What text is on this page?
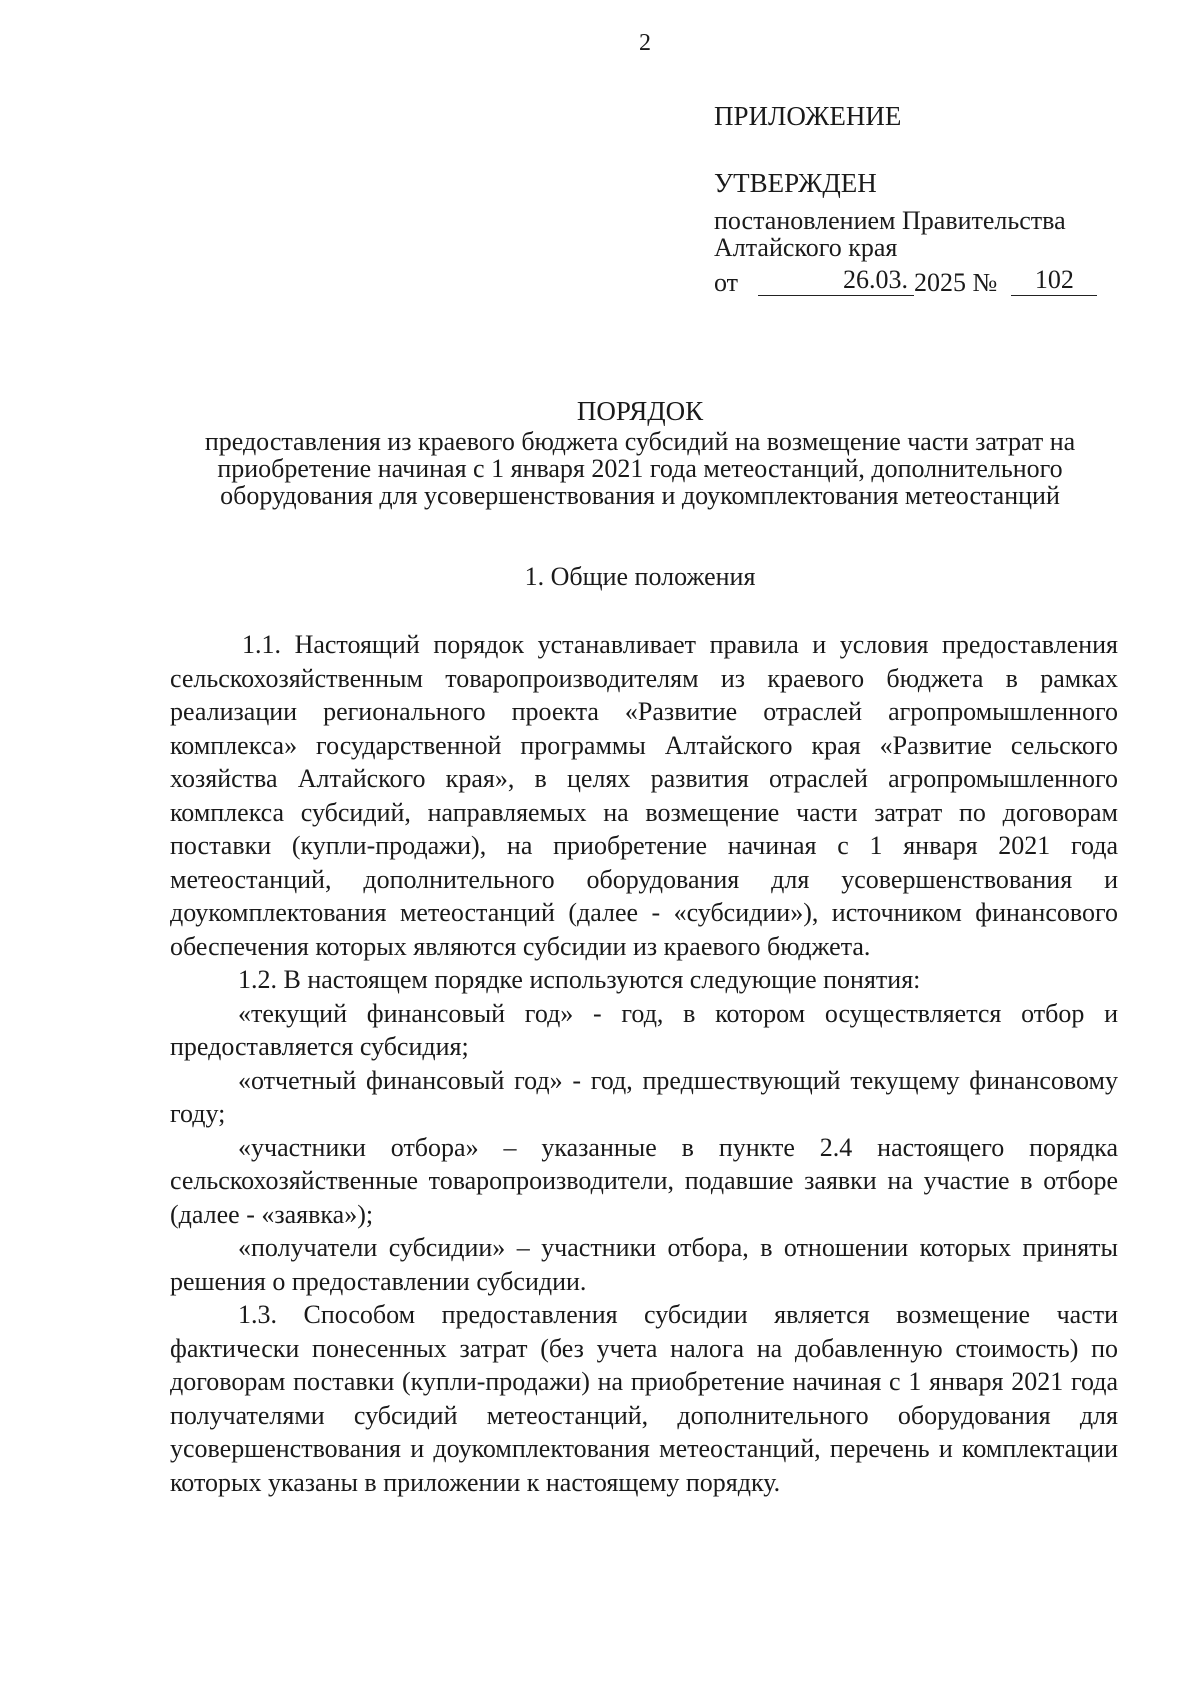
2
ПРИЛОЖЕНИЕ
УТВЕРЖДЕН
постановлением Правительства
Алтайского края
от	26.03. 2025 №	102
ПОРЯДОК
предоставления из краевого бюджета субсидий на возмещение части затрат на приобретение начиная с 1 января 2021 года метеостанций, дополнительного оборудования для усовершенствования и доукомплектования метеостанций
1. Общие положения

1.1. Настоящий порядок устанавливает правила и условия предоставления сельскохозяйственным товаропроизводителям из краевого бюджета в рамках реализации регионального проекта «Развитие отраслей агропромышленного комплекса» государственной программы Алтайского края «Развитие сельского хозяйства Алтайского края», в целях развития отраслей агропромышленного комплекса субсидий, направляемых на возмещение части затрат по договорам поставки (купли-продажи), на приобретение начиная с 1 января 2021 года метеостанций, дополнительного оборудования для усовершенствования и доукомплектования метеостанций (далее - «субсидии»), источником финансового обеспечения которых являются субсидии из краевого бюджета.

1.2. В настоящем порядке используются следующие понятия:

«текущий финансовый год» - год, в котором осуществляется отбор и предоставляется субсидия;

«отчетный финансовый год» - год, предшествующий текущему финансовому году;

«участники отбора» – указанные в пункте 2.4 настоящего порядка сельскохозяйственные товаропроизводители, подавшие заявки на участие в отборе (далее - «заявка»);

«получатели субсидии» – участники отбора, в отношении которых приняты решения о предоставлении субсидии.

1.3. Способом предоставления субсидии является возмещение части фактически понесенных затрат (без учета налога на добавленную стоимость) по договорам поставки (купли-продажи) на приобретение начиная с 1 января 2021 года получателями субсидий метеостанций, дополнительного оборудования для усовершенствования и доукомплектования метеостанций, перечень и комплектации которых указаны в приложении к настоящему порядку.
